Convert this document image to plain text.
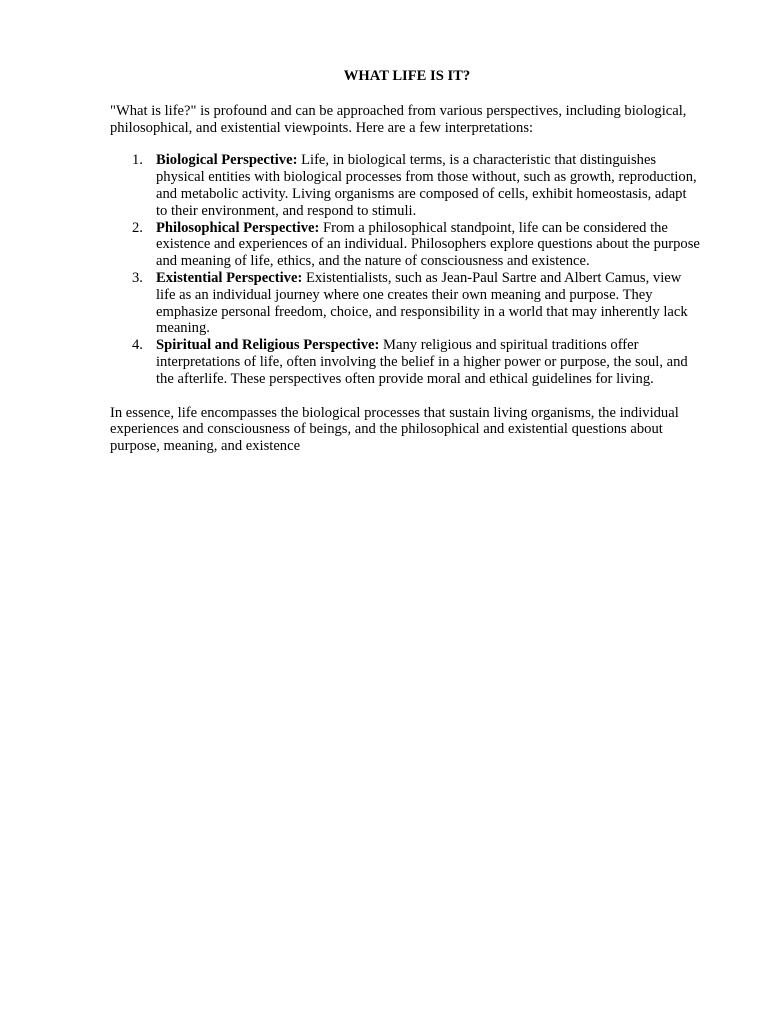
WHAT LIFE IS IT?

"What is life?" is profound and can be approached from various perspectives, including biological, philosophical, and existential viewpoints. Here are a few interpretations:

1. Biological Perspective: Life, in biological terms, is a characteristic that distinguishes physical entities with biological processes from those without, such as growth, reproduction, and metabolic activity. Living organisms are composed of cells, exhibit homeostasis, adapt to their environment, and respond to stimuli.
2. Philosophical Perspective: From a philosophical standpoint, life can be considered the existence and experiences of an individual. Philosophers explore questions about the purpose and meaning of life, ethics, and the nature of consciousness and existence.
3. Existential Perspective: Existentialists, such as Jean-Paul Sartre and Albert Camus, view life as an individual journey where one creates their own meaning and purpose. They emphasize personal freedom, choice, and responsibility in a world that may inherently lack meaning.
4. Spiritual and Religious Perspective: Many religious and spiritual traditions offer interpretations of life, often involving the belief in a higher power or purpose, the soul, and the afterlife. These perspectives often provide moral and ethical guidelines for living.

In essence, life encompasses the biological processes that sustain living organisms, the individual experiences and consciousness of beings, and the philosophical and existential questions about purpose, meaning, and existence
